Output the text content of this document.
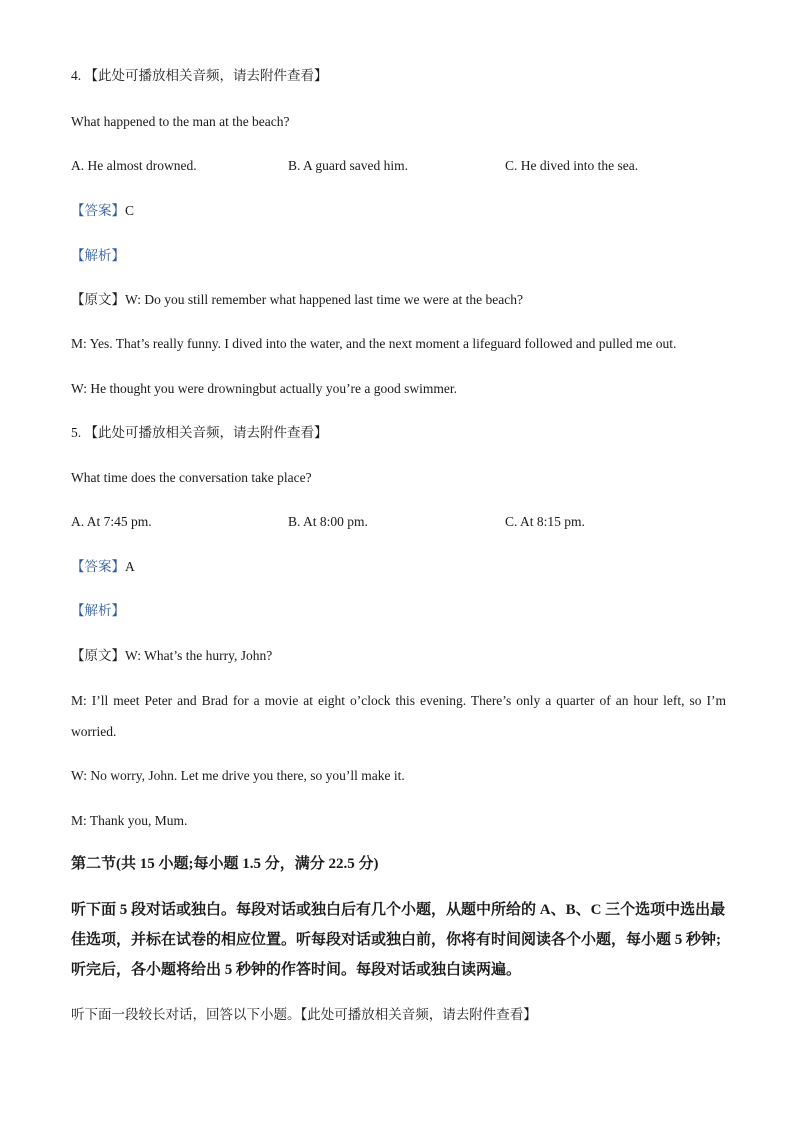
4. 【此处可播放相关音频，请去附件查看】
What happened to the man at the beach?
A. He almost drowned.	B. A guard saved him.	C. He dived into the sea.
【答案】C
【解析】
【原文】W: Do you still remember what happened last time we were at the beach?
M: Yes. That’s really funny. I dived into the water, and the next moment a lifeguard followed and pulled me out.
W: He thought you were drowningbut actually you’re a good swimmer.
5. 【此处可播放相关音频，请去附件查看】
What time does the conversation take place?
A. At 7:45 pm.	B. At 8:00 pm.	C. At 8:15 pm.
【答案】A
【解析】
【原文】W: What’s the hurry, John?
M: I’ll meet Peter and Brad for a movie at eight o’clock this evening. There’s only a quarter of an hour left, so I’m worried.
W: No worry, John. Let me drive you there, so you’ll make it.
M: Thank you, Mum.
第二节(共 15 小题;每小题 1.5 分，满分 22.5 分)
听下面 5 段对话或独白。每段对话或独白后有几个小题，从题中所给的 A、B、C 三个选项中选出最佳选项，并标在试卷的相应位置。听每段对话或独白前，你将有时间阅读各个小题，每小题 5 秒钟;听完后，各小题将给出 5 秒钟的作答时间。每段对话或独白读两遍。
听下面一段较长对话，回答以下小题。【此处可播放相关音频，请去附件查看】
